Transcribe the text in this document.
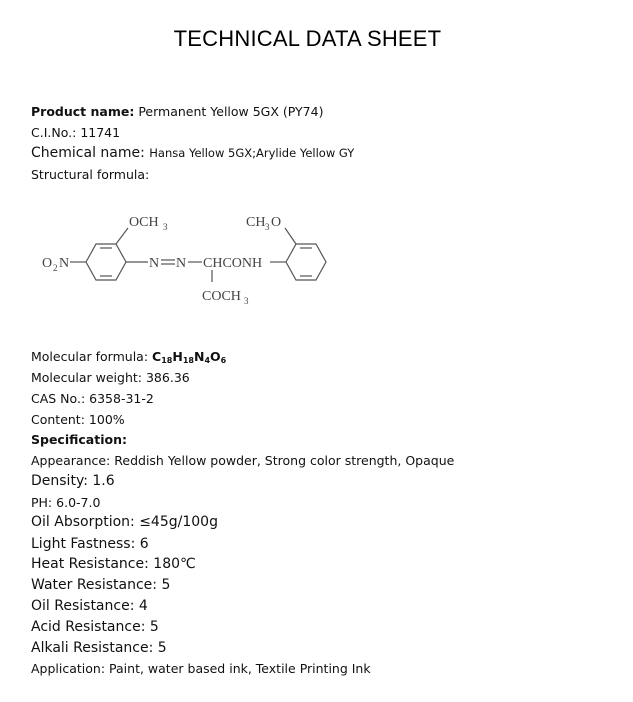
TECHNICAL DATA SHEET
Product name: Permanent Yellow 5GX (PY74)
C.I.No.: 11741
Chemical name: Hansa Yellow 5GX;Arylide Yellow GY
Structural formula:
O 2 N
OCH 3
N N CHCONH
COCH 3
CH 3 O
Molecular formula: $C_{18}H_{18}N_4O_6$
Molecular weight: 386.36
CAS No.: 6358-31-2
Content: 100%
Specification:
Appearance: Reddish Yellow powder, Strong color strength, Opaque
Density: 1.6
PH: 6.0-7.0
Oil Absorption: ≤45g/100g
Light Fastness: 6
Heat Resistance: 180℃
Water Resistance: 5
Oil Resistance: 4
Acid Resistance: 5
Alkali Resistance: 5
Application: Paint, water based ink, Textile Printing Ink
